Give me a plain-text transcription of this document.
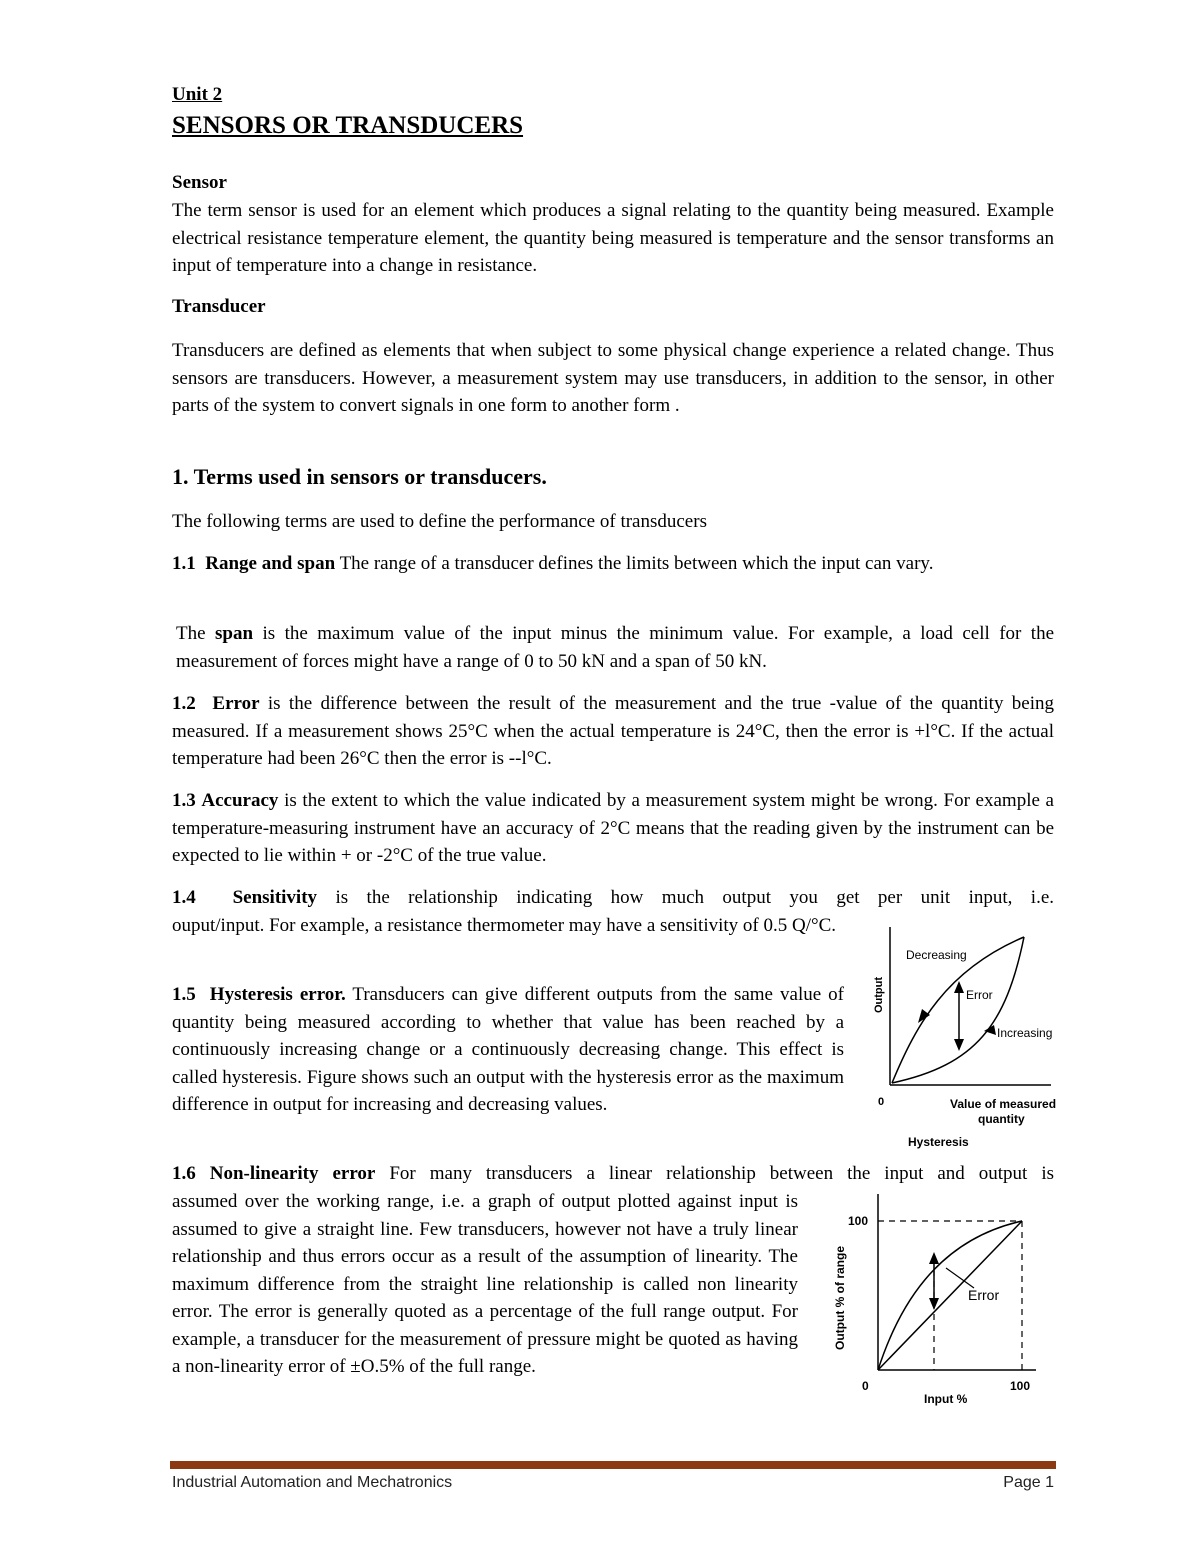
Unit 2
SENSORS OR TRANSDUCERS
Sensor

The term sensor is used for an element which produces a signal relating to the quantity being measured. Example electrical resistance temperature element, the quantity being measured is temperature and the sensor transforms an input of temperature into a change in resistance.

Transducer

Transducers are defined as elements that when subject to some physical change experience a related change. Thus sensors are transducers. However, a measurement system may use transducers, in addition to the sensor, in other parts of the system to convert signals in one form to another form .

1. Terms used in sensors or transducers.

The following terms are used to define the performance of transducers

1.1 Range and span The range of a transducer defines the limits between which the input can vary.

The span is the maximum value of the input minus the minimum value. For example, a load cell for the measurement of forces might have a range of 0 to 50 kN and a span of 50 kN.

1.2 Error is the difference between the result of the measurement and the true -value of the quantity being measured. If a measurement shows 25°C when the actual temperature is 24°C, then the error is +l°C. If the actual temperature had been 26°C then the error is --l°C.

1.3 Accuracy is the extent to which the value indicated by a measurement system might be wrong. For example a temperature-measuring instrument have an accuracy of 2°C means that the reading given by the instrument can be expected to lie within + or -2°C of the true value.

1.4 Sensitivity is the relationship indicating how much output you get per unit input, i.e.

ouput/input. For example, a resistance thermometer may have a sensitivity of 0.5 Q/°C.

1.5 Hysteresis error. Transducers can give different outputs from the same value of quantity being measured according to whether that value has been reached by a continuously increasing change or a continuously decreasing change. This effect is called hysteresis. Figure shows such an output with the hysteresis error as the maximum difference in output for increasing and decreasing values.

Output
Decreasing
Error
Increasing
0	Value of measured
quantity
Hysteresis

1.6 Non-linearity error For many transducers a linear relationship between the input and output is

assumed over the working range, i.e. a graph of output plotted against input is assumed to give a straight line. Few transducers, however not have a truly linear relationship and thus errors occur as a result of the assumption of linearity. The maximum difference from the straight line relationship is called non linearity error. The error is generally quoted as a percentage of the full range output. For example, a transducer for the measurement of pressure might be quoted as having a non-linearity error of ±O.5% of the full range.

Output % of range
100
Error
0	100
Input %
Industrial Automation and Mechatronics	Page 1
